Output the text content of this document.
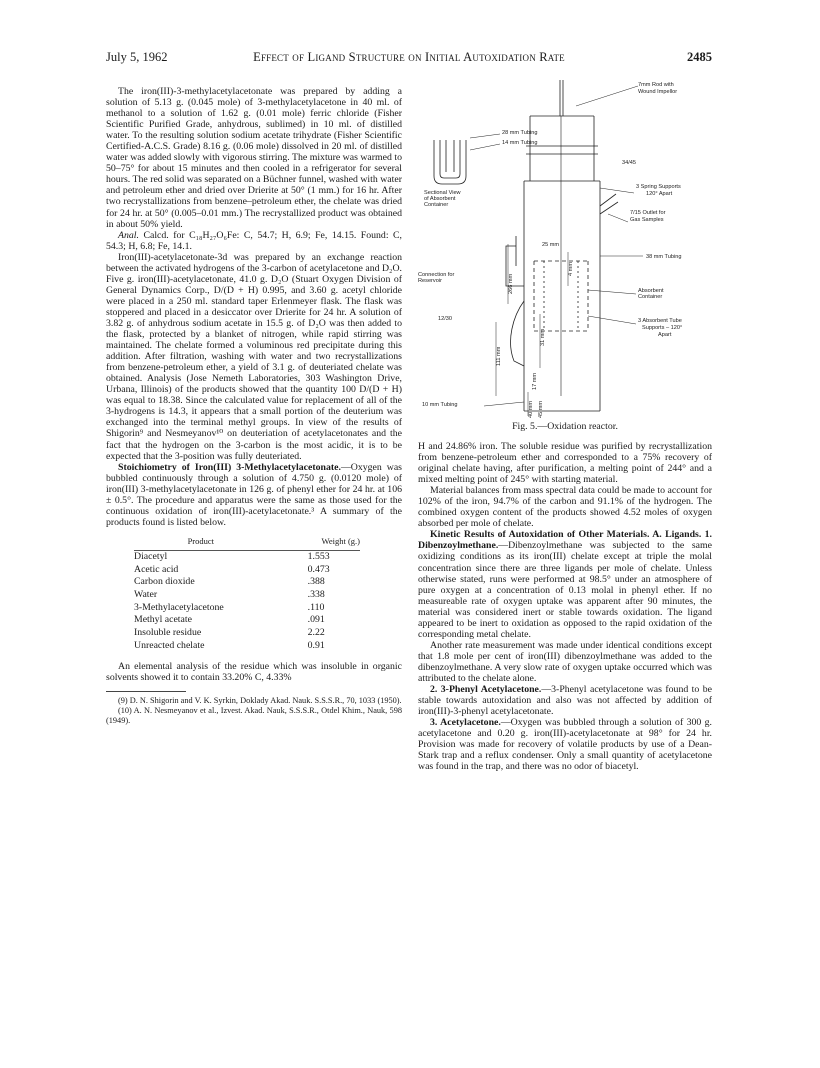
July 5, 1962	Effect of Ligand Structure on Initial Autoxidation Rate	2485

The iron(III)-3-methylacetylacetonate was prepared by adding a solution of 5.13 g. (0.045 mole) of 3-methylacetylacetone in 40 ml. of methanol to a solution of 1.62 g. (0.01 mole) ferric chloride (Fisher Scientific Purified Grade, anhydrous, sublimed) in 10 ml. of distilled water. To the resulting solution sodium acetate trihydrate (Fisher Scientific Certified-A.C.S. Grade) 8.16 g. (0.06 mole) dissolved in 20 ml. of distilled water was added slowly with vigorous stirring. The mixture was warmed to 50–75° for about 15 minutes and then cooled in a refrigerator for several hours. The red solid was separated on a Büchner funnel, washed with water and petroleum ether and dried over Drierite at 50° (1 mm.) for 16 hr. After two recrystallizations from benzene–petroleum ether, the chelate was dried for 24 hr. at 50° (0.005–0.01 mm.) The recrystallized product was obtained in about 50% yield.

Anal. Calcd. for C₁₈H₂₇O₆Fe: C, 54.7; H, 6.9; Fe, 14.15. Found: C, 54.3; H, 6.8; Fe, 14.1.

Iron(III)-acetylacetonate-3d was prepared by an exchange reaction between the activated hydrogens of the 3-carbon of acetylacetone and D₂O. Five g. iron(III)-acetylacetonate, 41.0 g. D₂O (Stuart Oxygen Division of General Dynamics Corp., D/(D + H) 0.995, and 3.60 g. acetyl chloride were placed in a 250 ml. standard taper Erlenmeyer flask. The flask was stoppered and placed in a desiccator over Drierite for 24 hr. A solution of 3.82 g. of anhydrous sodium acetate in 15.5 g. of D₂O was then added to the flask, protected by a blanket of nitrogen, while rapid stirring was maintained. The chelate formed a voluminous red precipitate during this addition. After filtration, washing with water and two recrystallizations from benzene-petroleum ether, a yield of 3.1 g. of deuteriated chelate was obtained. Analysis (Jose Nemeth Laboratories, 303 Washington Drive, Urbana, Illinois) of the products showed that the quantity 100 D/(D + H) was equal to 18.38. Since the calculated value for replacement of all of the 3-hydrogens is 14.3, it appears that a small portion of the deuterium was exchanged into the terminal methyl groups. In view of the results of Shigorin⁹ and Nesmeyanov¹⁰ on deuteriation of acetylacetonates and the fact that the hydrogen on the 3-carbon is the most acidic, it is to be expected that the 3-position was fully deuteriated.

Stoichiometry of Iron(III) 3-Methylacetylacetonate.—Oxygen was bubbled continuously through a solution of 4.750 g. (0.0120 mole) of iron(III) 3-methylacetylacetonate in 126 g. of phenyl ether for 24 hr. at 106 ± 0.5°. The procedure and apparatus were the same as those used for the continuous oxidation of iron(III)-acetylacetonate.³ A summary of the products found is listed below.

Product	Weight (g.)
Diacetyl	1.553
Acetic acid	0.473
Carbon dioxide	.388
Water	.338
3-Methylacetylacetone	.110
Methyl acetate	.091
Insoluble residue	2.22
Unreacted chelate	0.91

An elemental analysis of the residue which was insoluble in organic solvents showed it to contain 33.20% C, 4.33%

(9) D. N. Shigorin and V. K. Syrkin, Doklady Akad. Nauk. S.S.S.R., 70, 1033 (1950).

(10) A. N. Nesmeyanov et al., Izvest. Akad. Nauk, S.S.S.R., Otdel Khim., Nauk, 598 (1949).

7mm Rod with
Wound Impellor
28 mm Tubing
14 mm Tubing
34/45
3 Spring Supports
120° Apart
7/15 Outlet for
Gas Samples
Sectional View
of Absorbent
Container
25 mm
38 mm Tubing
Connection for
Reservoir
Absorbent
Container
12/30	3 Absorbent Tube
Supports – 120°
Apart
10 mm Tubing
266 mm
4 mm
31 mm
111 mm
17 mm
40 mm 45 mm
Fig. 5.—Oxidation reactor.

H and 24.86% iron. The soluble residue was purified by recrystallization from benzene-petroleum ether and corresponded to a 75% recovery of original chelate having, after purification, a melting point of 244° and a mixed melting point of 245° with starting material.

Material balances from mass spectral data could be made to account for 102% of the iron, 94.7% of the carbon and 91.1% of the hydrogen. The combined oxygen content of the products showed 4.52 moles of oxygen absorbed per mole of chelate.

Kinetic Results of Autoxidation of Other Materials. A. Ligands. 1. Dibenzoylmethane.—Dibenzoylmethane was subjected to the same oxidizing conditions as its iron(III) chelate except at triple the molal concentration since there are three ligands per mole of chelate. Unless otherwise stated, runs were performed at 98.5° under an atmosphere of pure oxygen at a concentration of 0.13 molal in phenyl ether. If no measureable rate of oxygen uptake was apparent after 90 minutes, the material was considered inert or stable towards oxidation. The ligand appeared to be inert to oxidation as opposed to the rapid oxidation of the corresponding metal chelate.

Another rate measurement was made under identical conditions except that 1.8 mole per cent of iron(III) dibenzoylmethane was added to the dibenzoylmethane. A very slow rate of oxygen uptake occurred which was attributed to the chelate alone.

2. 3-Phenyl Acetylacetone.—3-Phenyl acetylacetone was found to be stable towards autoxidation and also was not affected by addition of iron(III)-3-phenyl acetylacetonate.

3. Acetylacetone.—Oxygen was bubbled through a solution of 300 g. acetylacetone and 0.20 g. iron(III)-acetylacetonate at 98° for 24 hr. Provision was made for recovery of volatile products by use of a Dean-Stark trap and a reflux condenser. Only a small quantity of acetylacetone was found in the trap, and there was no odor of biacetyl.
